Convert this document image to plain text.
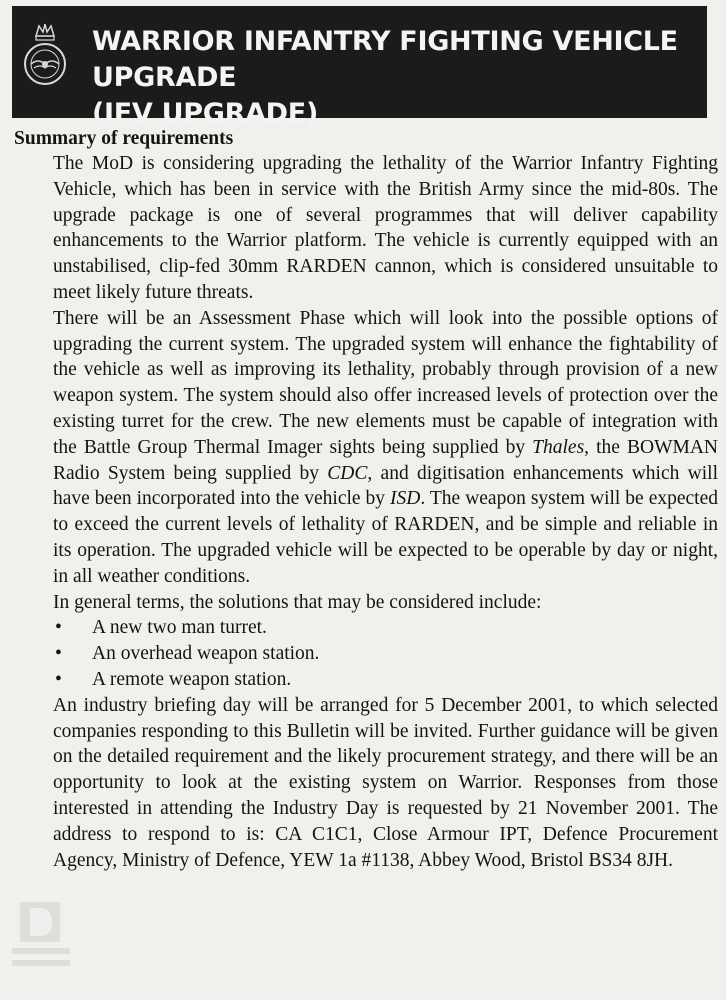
WARRIOR INFANTRY FIGHTING VEHICLE UPGRADE
(IFV UPGRADE)
Summary of requirements

The MoD is considering upgrading the lethality of the Warrior Infantry Fighting Vehicle, which has been in service with the British Army since the mid-80s. The upgrade package is one of several programmes that will deliver capability enhancements to the Warrior platform. The vehicle is currently equipped with an unstabilised, clip-fed 30mm RARDEN cannon, which is considered unsuitable to meet likely future threats.

There will be an Assessment Phase which will look into the possible options of upgrading the current system. The upgraded system will enhance the fightability of the vehicle as well as improving its lethality, probably through provision of a new weapon system. The system should also offer increased levels of protection over the existing turret for the crew. The new elements must be capable of integration with the Battle Group Thermal Imager sights being supplied by Thales, the BOWMAN Radio System being supplied by CDC, and digitisation enhancements which will have been incorporated into the vehicle by ISD. The weapon system will be expected to exceed the current levels of lethality of RARDEN, and be simple and reliable in its operation. The upgraded vehicle will be expected to be operable by day or night, in all weather conditions.

In general terms, the solutions that may be considered include:

• A new two man turret.
• An overhead weapon station.
• A remote weapon station.

An industry briefing day will be arranged for 5 December 2001, to which selected companies responding to this Bulletin will be invited. Further guidance will be given on the detailed requirement and the likely procurement strategy, and there will be an opportunity to look at the existing system on Warrior. Responses from those interested in attending the Industry Day is requested by 21 November 2001. The address to respond to is: CA C1C1, Close Armour IPT, Defence Procurement Agency, Ministry of Defence, YEW 1a #1138, Abbey Wood, Bristol BS34 8JH.
